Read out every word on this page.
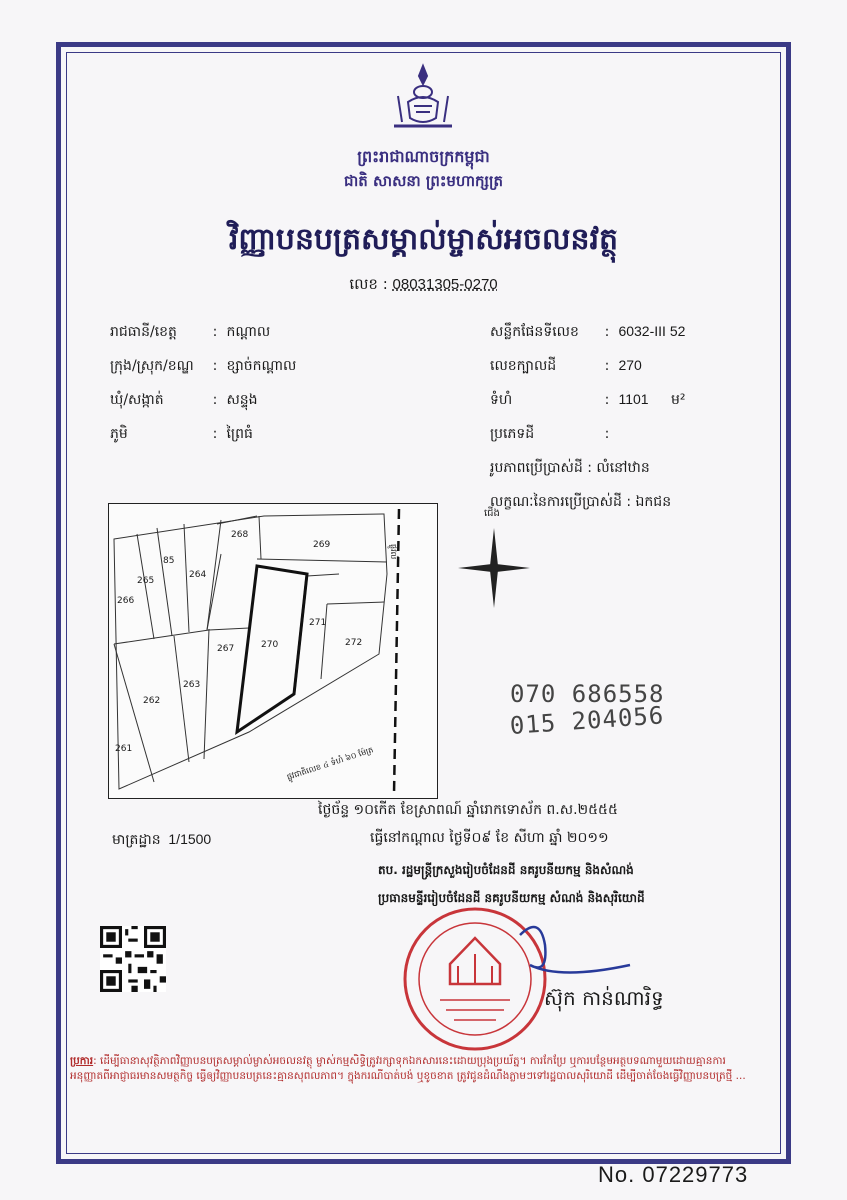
ព្រះរាជាណាចក្រកម្ពុជា
ជាតិ សាសនា ព្រះមហាក្សត្រ
វិញ្ញាបនបត្រសម្គាល់ម្ចាស់អចលនវត្ថុ
លេខ : 08031305-0270
រាជធានី/ខេត្ត	: កណ្ដាល
ក្រុង/ស្រុក/ខណ្ឌ : ខ្សាច់កណ្ដាល
ឃុំ/សង្កាត់	: សន្ទុង
ភូមិ	: ព្រៃធំ
សន្លឹកផែនទីលេខ : 6032-III 52
លេខក្បាលដី	: 270
ទំហំ	: 1101 ម²
ប្រភេទដី	:
រូបភាពប្រើប្រាស់ដី : លំនៅឋាន
លក្ខណៈនៃការប្រើប្រាស់ដី : ឯកជន
266
265
85
264
268
269
267	270
271
272
262
263
261
ផ្លូវលំ
ផ្លូវជាតិលេខ ៤ ទំហំ ៦០ ម៉ែត្រ
ជើង
មាត្រដ្ឋាន 1/1500
070 686558
015 204056
ថ្ងៃច័ន្ទ ១០កើត ខែស្រាពណ៍ ឆ្នាំរោកទោស័ក ព.ស.២៥៥៥
ធ្វើនៅកណ្ដាល ថ្ងៃទី០៩ ខែ សីហា ឆ្នាំ ២០១១
តប. រដ្ឋមន្ត្រីក្រសួងរៀបចំដែនដី នគរូបនីយកម្ម និងសំណង់
ប្រធានមន្ទីររៀបចំដែនដី នគរូបនីយកម្ម សំណង់ និងសុរិយោដី
ស៊ុក កាន់ណារិទ្ធ
ប្រការ: ដើម្បីធានាសុវត្ថិភាពវិញ្ញាបនបត្រសម្គាល់ម្ចាស់អចលនវត្ថុ ម្ចាស់កម្មសិទ្ធិត្រូវរក្សាទុកឯកសារនេះដោយប្រុងប្រយ័ត្ន។ ការកែប្រែ ឬការបន្ថែមអត្ថបទណាមួយដោយគ្មានការអនុញ្ញាតពីអាជ្ញាធរមានសមត្ថកិច្ច ធ្វើឲ្យវិញ្ញាបនបត្រនេះគ្មានសុពលភាព។ ក្នុងករណីបាត់បង់ ឬខូចខាត ត្រូវជូនដំណឹងភ្លាមៗទៅរដ្ឋបាលសុរិយោដី ដើម្បីចាត់ចែងធ្វើវិញ្ញាបនបត្រថ្មី ...
No. 07229773
